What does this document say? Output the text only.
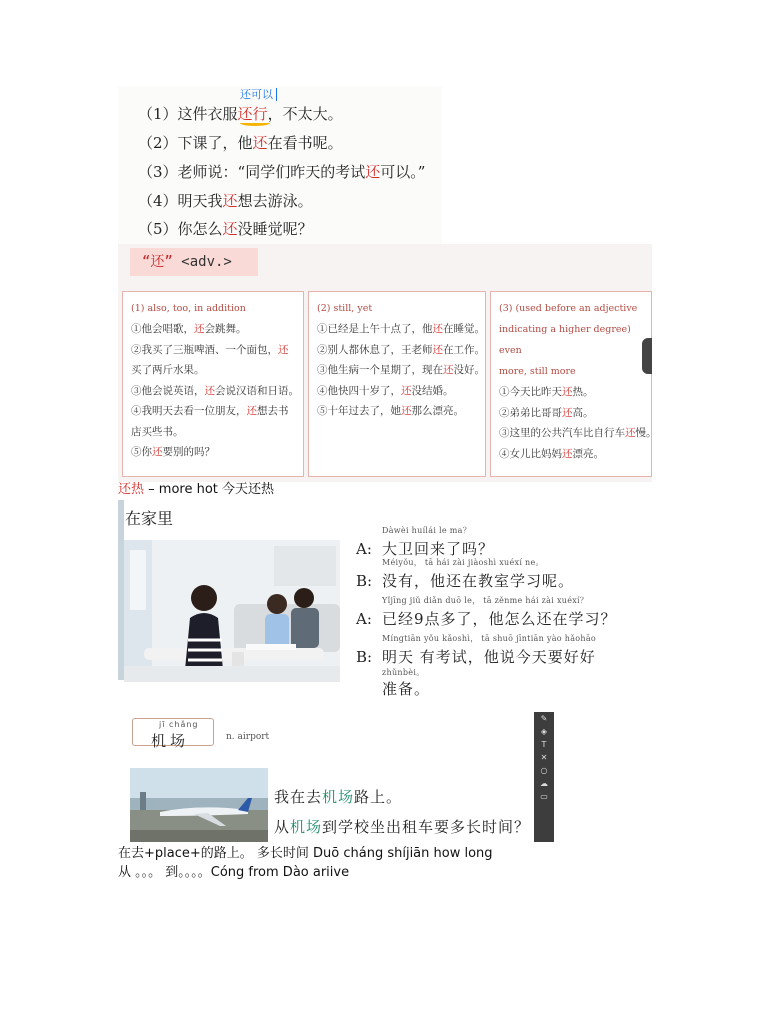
还可以
（1）这件衣服还行，不太大。
（2）下课了，他还在看书呢。
（3）老师说：“同学们昨天的考试还可以。”
（4）明天我还想去游泳。
（5）你怎么还没睡觉呢？
“还” <adv.>
(1) also, too, in addition
①他会唱歌，还会跳舞。
②我买了三瓶啤酒、一个面包，还
买了两斤水果。
③他会说英语，还会说汉语和日语。
④我明天去看一位朋友，还想去书
店买些书。
⑤你还要别的吗？
(2) still, yet
①已经是上午十点了，他还在睡觉。
②别人都休息了，王老师还在工作。
③他生病一个星期了，现在还没好。
④他快四十岁了，还没结婚。
⑤十年过去了，她还那么漂亮。
(3) (used before an adjective
indicating a higher degree) even
more, still more
①今天比昨天还热。
②弟弟比哥哥还高。
③这里的公共汽车比自行车还慢。
④女儿比妈妈还漂亮。
还热 – more hot 今天还热
在家里
Dàwèi huílái le ma？
A: 大卫回来了吗？
Méiyǒu， tā hái zài jiàoshì xuéxí ne。
B: 没有，他还在教室学习呢。
Yǐjīng jiǔ diǎn duō le， tā zěnme hái zài xuéxí？
A: 已经9点多了，他怎么还在学习？
Míngtiān yǒu kǎoshì， tā shuō jīntiān yào hǎohāo
B: 明天 有考试，他说今天要好好
zhǔnbèi。
准备。
jī chǎng
机场	n. airport
我在去机场路上。
从机场到学校坐出租车要多长时间？
✎
◈
T
✕
○
☁
▭
在去+place+的路上。 多长时间 Duō cháng shíjiān how long
从 。。。 到。。。。Cóng from Dào ariive
